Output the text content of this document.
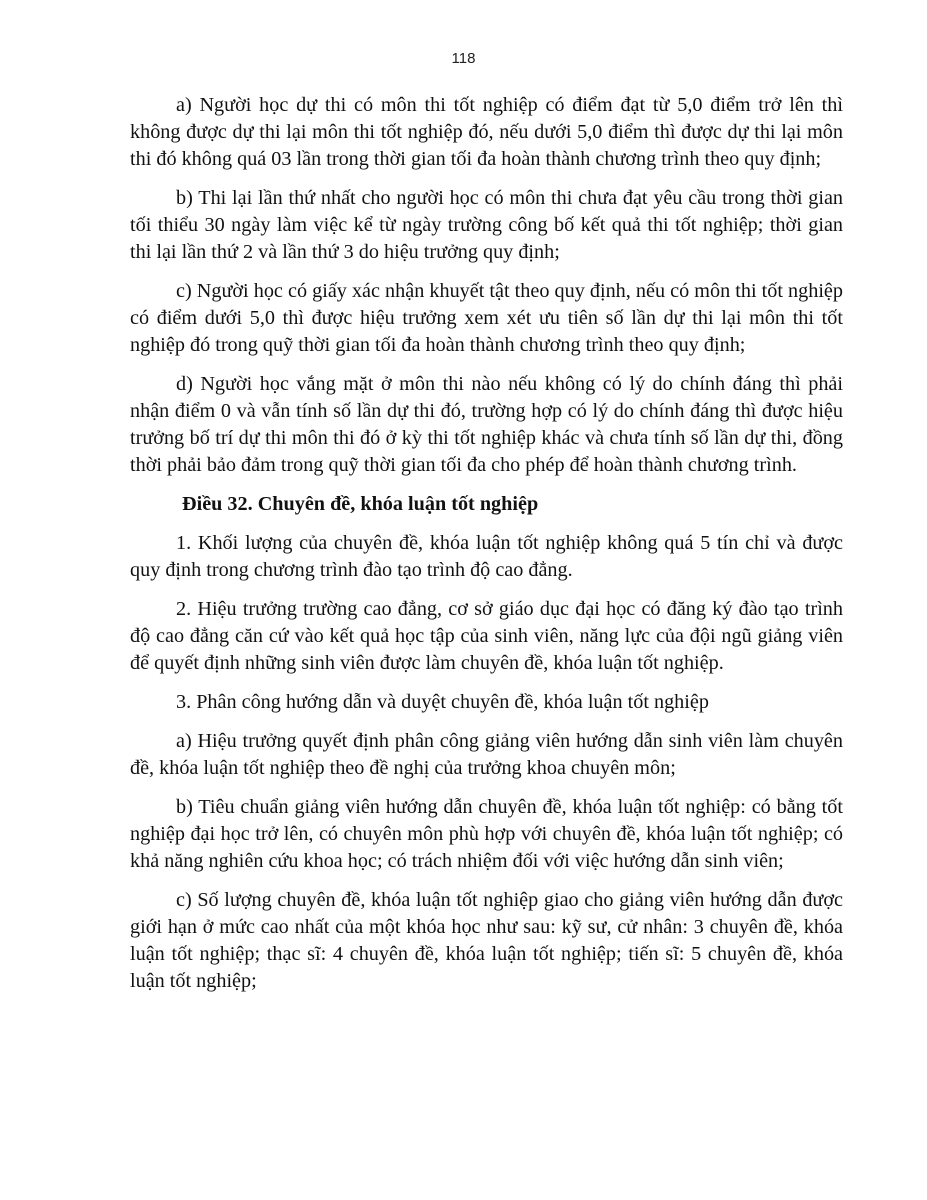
118

a) Người học dự thi có môn thi tốt nghiệp có điểm đạt từ 5,0 điểm trở lên thì không được dự thi lại môn thi tốt nghiệp đó, nếu dưới 5,0 điểm thì được dự thi lại môn thi đó không quá 03 lần trong thời gian tối đa hoàn thành chương trình theo quy định;

b) Thi lại lần thứ nhất cho người học có môn thi chưa đạt yêu cầu trong thời gian tối thiểu 30 ngày làm việc kể từ ngày trường công bố kết quả thi tốt nghiệp; thời gian thi lại lần thứ 2 và lần thứ 3 do hiệu trưởng quy định;

c) Người học có giấy xác nhận khuyết tật theo quy định, nếu có môn thi tốt nghiệp có điểm dưới 5,0 thì được hiệu trưởng xem xét ưu tiên số lần dự thi lại môn thi tốt nghiệp đó trong quỹ thời gian tối đa hoàn thành chương trình theo quy định;

d) Người học vắng mặt ở môn thi nào nếu không có lý do chính đáng thì phải nhận điểm 0 và vẫn tính số lần dự thi đó, trường hợp có lý do chính đáng thì được hiệu trưởng bố trí dự thi môn thi đó ở kỳ thi tốt nghiệp khác và chưa tính số lần dự thi, đồng thời phải bảo đảm trong quỹ thời gian tối đa cho phép để hoàn thành chương trình.

Điều 32. Chuyên đề, khóa luận tốt nghiệp

1. Khối lượng của chuyên đề, khóa luận tốt nghiệp không quá 5 tín chỉ và được quy định trong chương trình đào tạo trình độ cao đẳng.

2. Hiệu trưởng trường cao đẳng, cơ sở giáo dục đại học có đăng ký đào tạo trình độ cao đẳng căn cứ vào kết quả học tập của sinh viên, năng lực của đội ngũ giảng viên để quyết định những sinh viên được làm chuyên đề, khóa luận tốt nghiệp.

3. Phân công hướng dẫn và duyệt chuyên đề, khóa luận tốt nghiệp

a) Hiệu trưởng quyết định phân công giảng viên hướng dẫn sinh viên làm chuyên đề, khóa luận tốt nghiệp theo đề nghị của trưởng khoa chuyên môn;

b) Tiêu chuẩn giảng viên hướng dẫn chuyên đề, khóa luận tốt nghiệp: có bằng tốt nghiệp đại học trở lên, có chuyên môn phù hợp với chuyên đề, khóa luận tốt nghiệp; có khả năng nghiên cứu khoa học; có trách nhiệm đối với việc hướng dẫn sinh viên;

c) Số lượng chuyên đề, khóa luận tốt nghiệp giao cho giảng viên hướng dẫn được giới hạn ở mức cao nhất của một khóa học như sau: kỹ sư, cử nhân: 3 chuyên đề, khóa luận tốt nghiệp; thạc sĩ: 4 chuyên đề, khóa luận tốt nghiệp; tiến sĩ: 5 chuyên đề, khóa luận tốt nghiệp;
